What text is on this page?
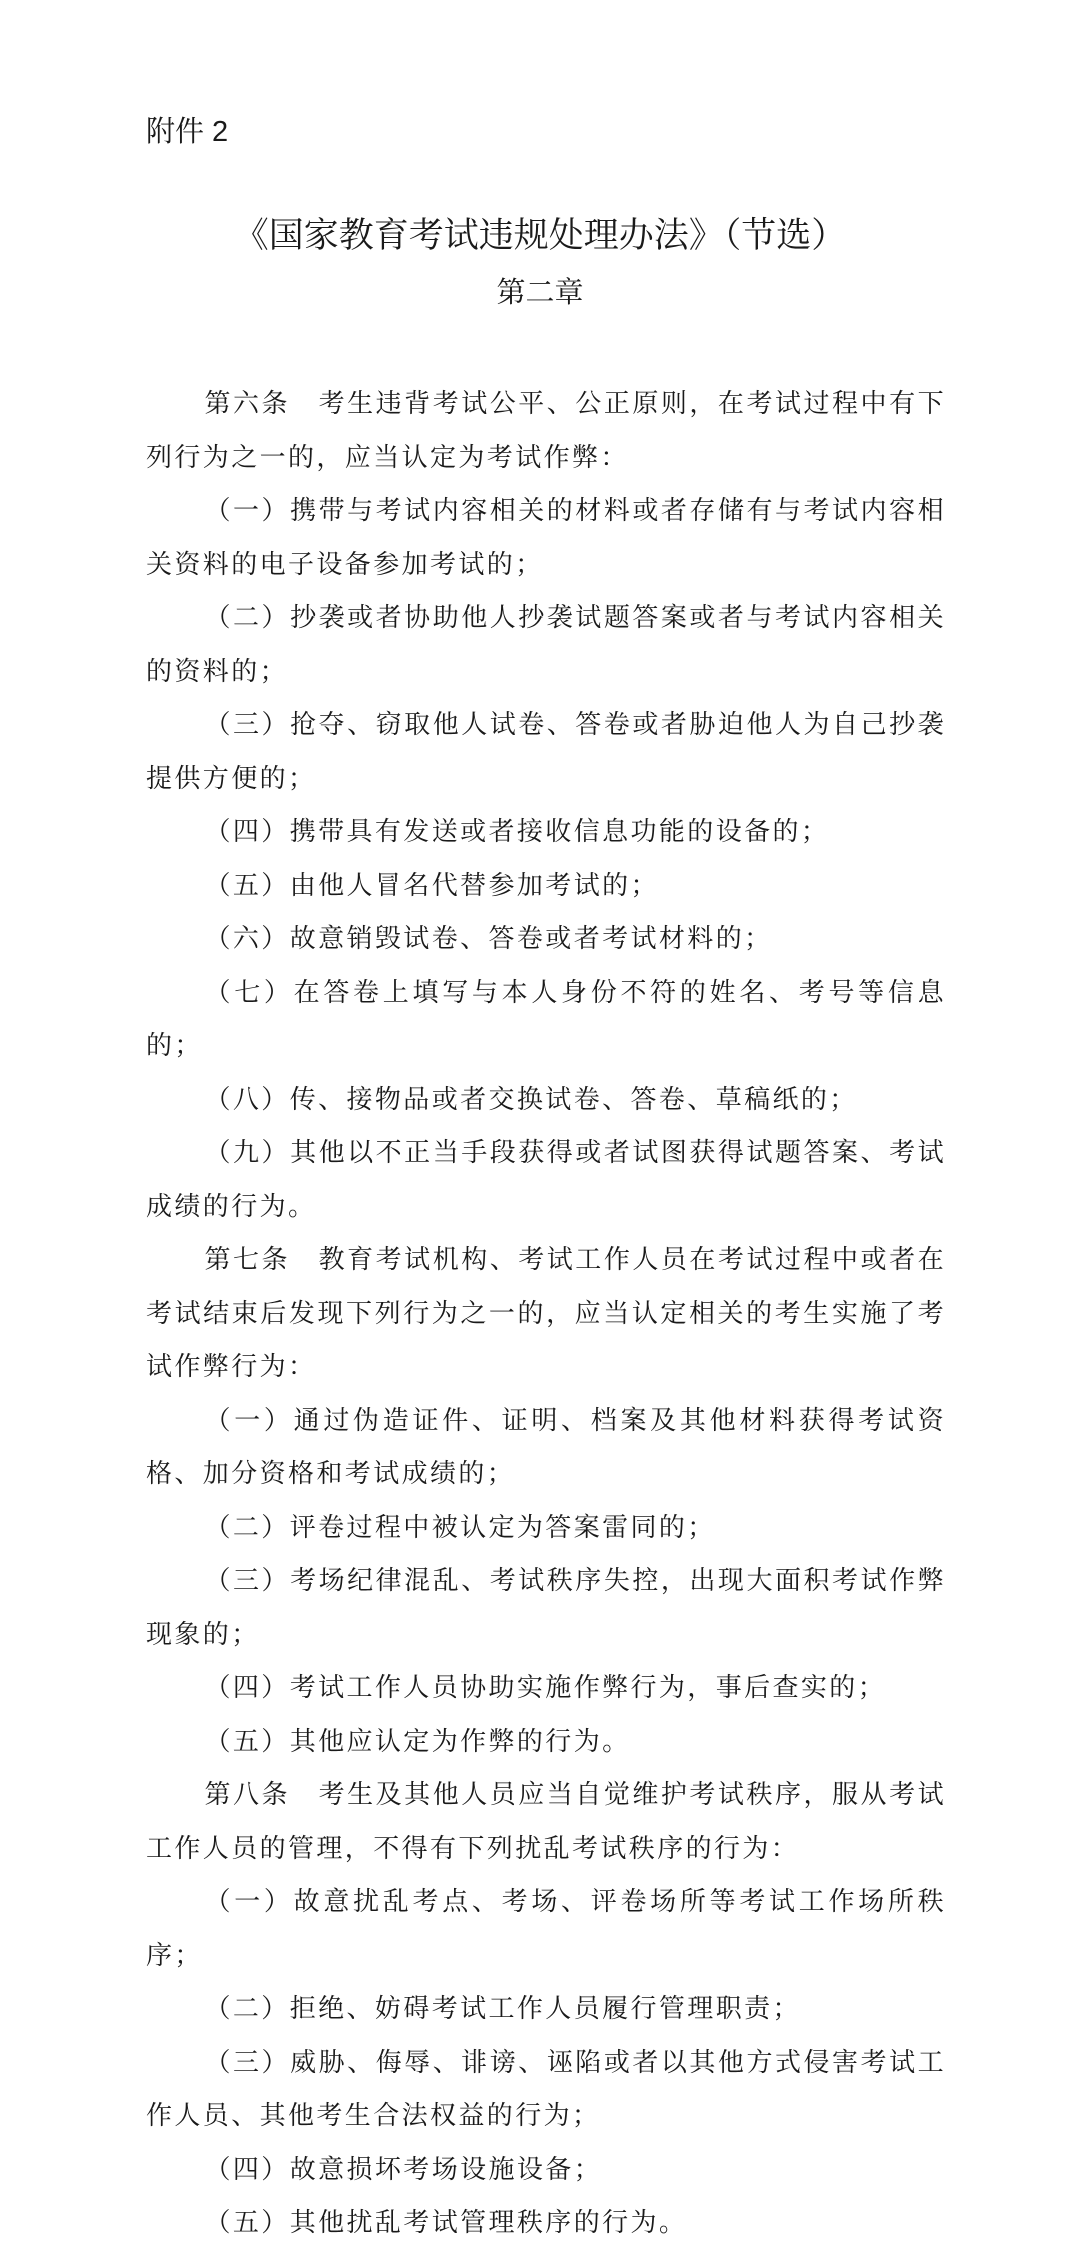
附件 2

《国家教育考试违规处理办法》（节选）
第二章

第六条　考生违背考试公平、公正原则，在考试过程中有下列行为之一的，应当认定为考试作弊：

（一）携带与考试内容相关的材料或者存储有与考试内容相关资料的电子设备参加考试的；

（二）抄袭或者协助他人抄袭试题答案或者与考试内容相关的资料的；

（三）抢夺、窃取他人试卷、答卷或者胁迫他人为自己抄袭提供方便的；

（四）携带具有发送或者接收信息功能的设备的；

（五）由他人冒名代替参加考试的；

（六）故意销毁试卷、答卷或者考试材料的；

（七）在答卷上填写与本人身份不符的姓名、考号等信息的；

（八）传、接物品或者交换试卷、答卷、草稿纸的；

（九）其他以不正当手段获得或者试图获得试题答案、考试成绩的行为。

第七条　教育考试机构、考试工作人员在考试过程中或者在考试结束后发现下列行为之一的，应当认定相关的考生实施了考试作弊行为：

（一）通过伪造证件、证明、档案及其他材料获得考试资格、加分资格和考试成绩的；

（二）评卷过程中被认定为答案雷同的；

（三）考场纪律混乱、考试秩序失控，出现大面积考试作弊现象的；

（四）考试工作人员协助实施作弊行为，事后查实的；

（五）其他应认定为作弊的行为。

第八条　考生及其他人员应当自觉维护考试秩序，服从考试工作人员的管理，不得有下列扰乱考试秩序的行为：

（一）故意扰乱考点、考场、评卷场所等考试工作场所秩序；

（二）拒绝、妨碍考试工作人员履行管理职责；

（三）威胁、侮辱、诽谤、诬陷或者以其他方式侵害考试工作人员、其他考生合法权益的行为；

（四）故意损坏考场设施设备；

（五）其他扰乱考试管理秩序的行为。
